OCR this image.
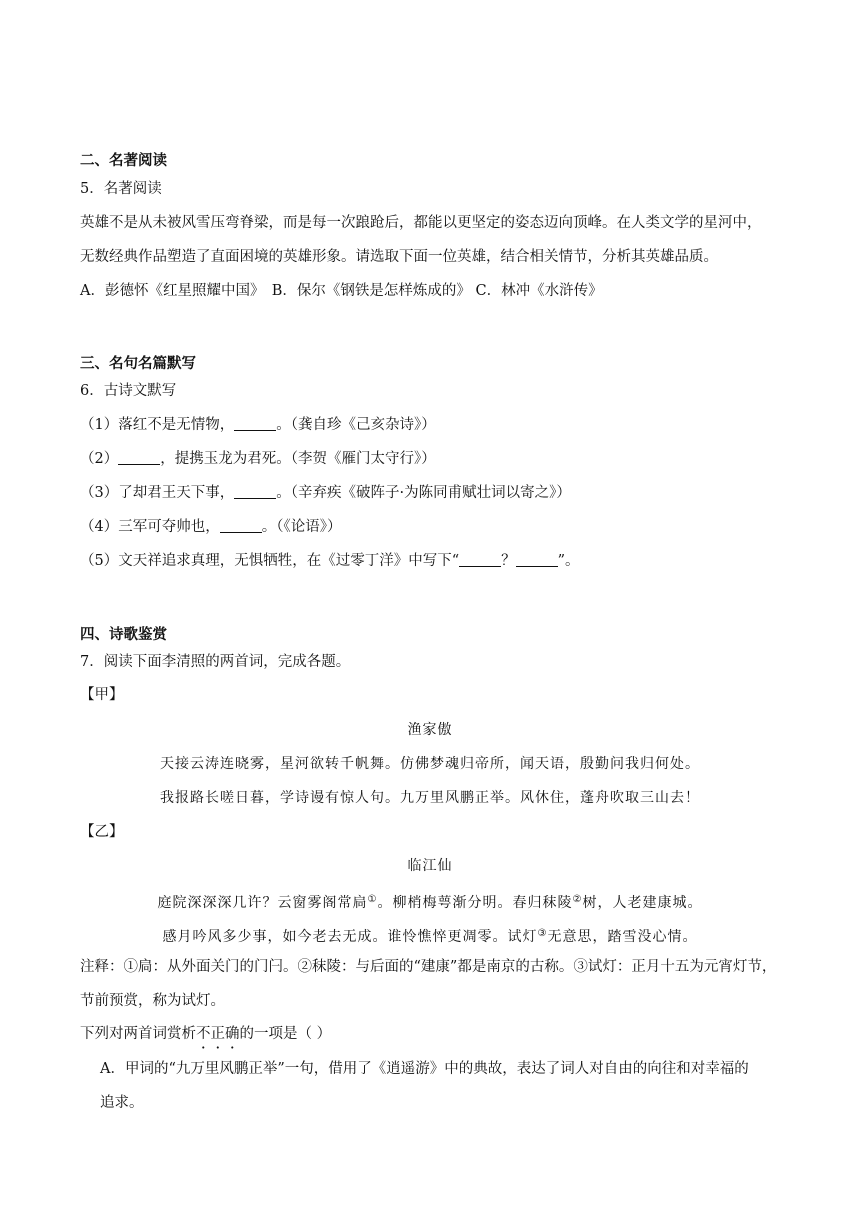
二、名著阅读
5．名著阅读
英雄不是从未被风雪压弯脊梁，而是每一次踉跄后，都能以更坚定的姿态迈向顶峰。在人类文学的星河中，
无数经典作品塑造了直面困境的英雄形象。请选取下面一位英雄，结合相关情节，分析其英雄品质。
A．彭德怀《红星照耀中国》　B．保尔《钢铁是怎样炼成的》 C．林冲《水浒传》
三、名句名篇默写
6．古诗文默写
（1）落红不是无情物，	。（龚自珍《己亥杂诗》）
（2）	，提携玉龙为君死。（李贺《雁门太守行》）
（3）了却君王天下事，	。（辛弃疾《破阵子·为陈同甫赋壮词以寄之》）
（4）三军可夺帅也，	。（《论语》）
（5）文天祥追求真理，无惧牺牲，在《过零丁洋》中写下“	？	”。
四、诗歌鉴赏
7．阅读下面李清照的两首词，完成各题。
【甲】
渔家傲
天接云涛连晓雾，星河欲转千帆舞。仿佛梦魂归帝所，闻天语，殷勤问我归何处。
我报路长嗟日暮，学诗谩有惊人句。九万里风鹏正举。风休住，蓬舟吹取三山去！
【乙】
临江仙
庭院深深深几许？云窗雾阁常扃①。柳梢梅萼渐分明。春归秣陵②树，人老建康城。
感月吟风多少事，如今老去无成。谁怜憔悴更凋零。试灯③无意思，踏雪没心情。
注释：①扃：从外面关门的门闩。②秣陵：与后面的“建康”都是南京的古称。③试灯：正月十五为元宵灯节，
节前预赏，称为试灯。
下列对两首词赏析不正确的一项是（ ）
A．甲词的“九万里风鹏正举”一句，借用了《逍遥游》中的典故，表达了词人对自由的向往和对幸福的
追求。
